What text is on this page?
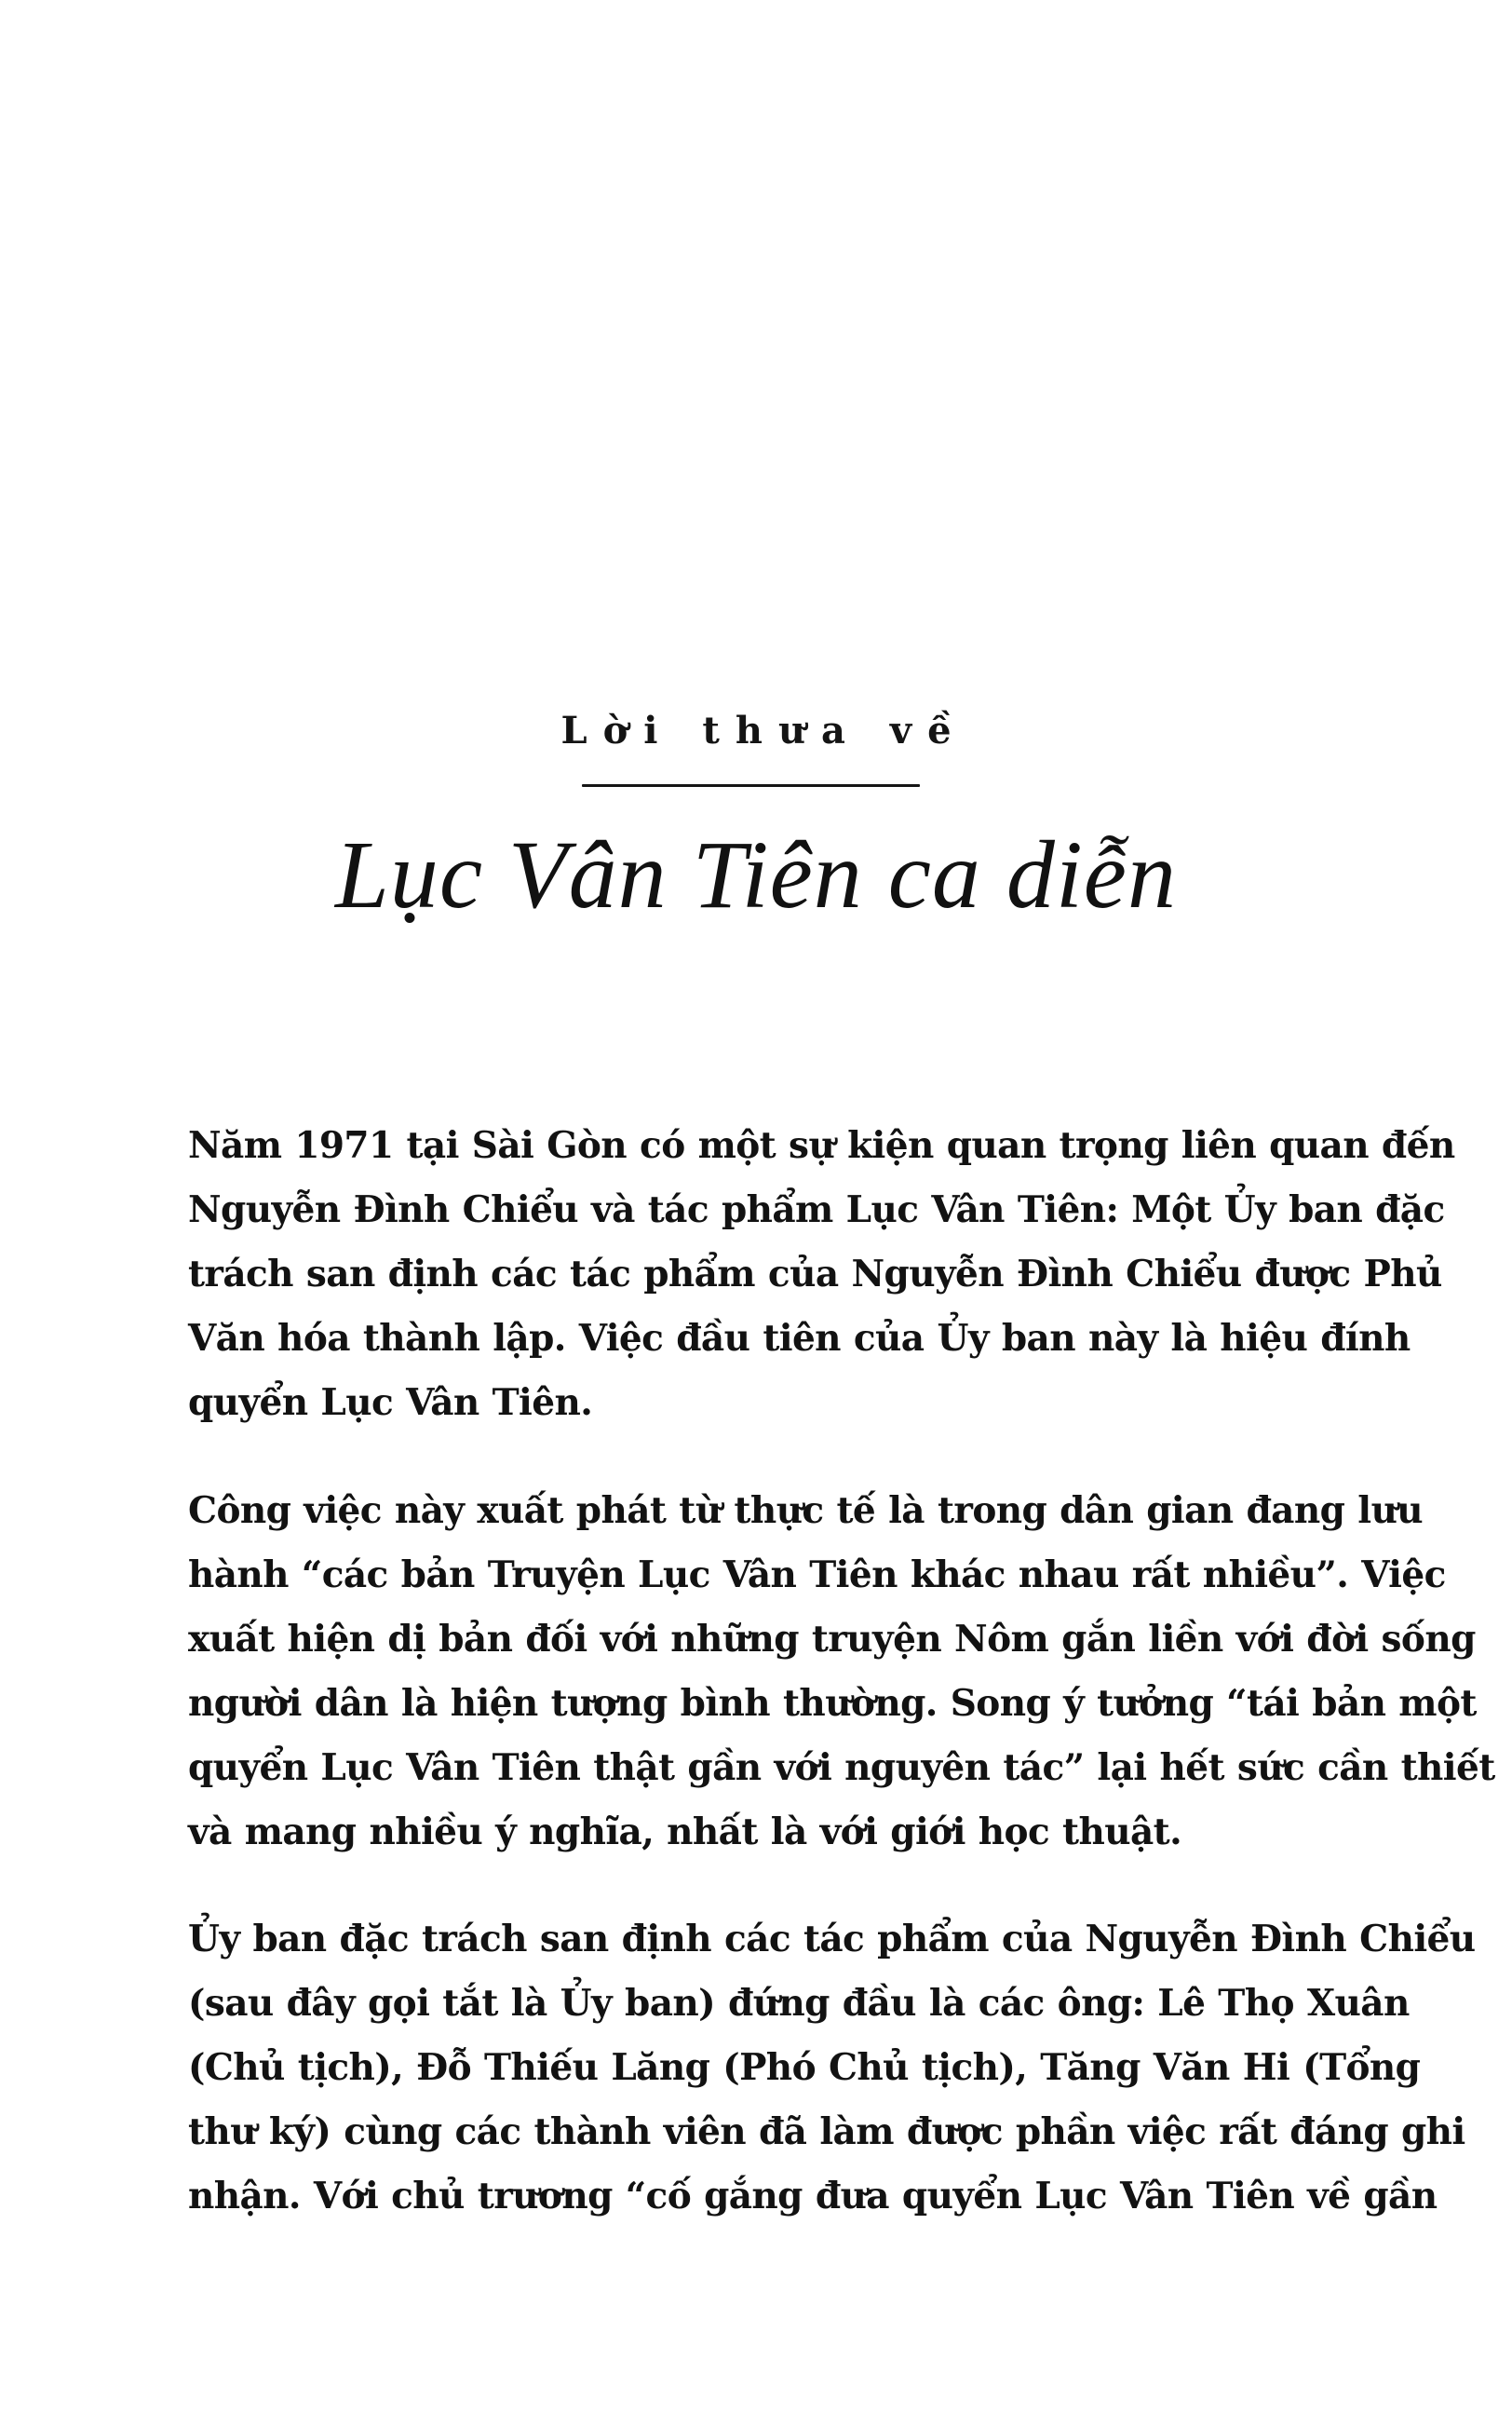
Lời thưa về
Lục Vân Tiên ca diễn
Năm 1971 tại Sài Gòn có một sự kiện quan trọng liên quan đến
Nguyễn Đình Chiểu và tác phẩm Lục Vân Tiên: Một Ủy ban đặc
trách san định các tác phẩm của Nguyễn Đình Chiểu được Phủ
Văn hóa thành lập. Việc đầu tiên của Ủy ban này là hiệu đính
quyển Lục Vân Tiên.
Công việc này xuất phát từ thực tế là trong dân gian đang lưu
hành “các bản Truyện Lục Vân Tiên khác nhau rất nhiều”. Việc
xuất hiện dị bản đối với những truyện Nôm gắn liền với đời sống
người dân là hiện tượng bình thường. Song ý tưởng “tái bản một
quyển Lục Vân Tiên thật gần với nguyên tác” lại hết sức cần thiết
và mang nhiều ý nghĩa, nhất là với giới học thuật.
Ủy ban đặc trách san định các tác phẩm của Nguyễn Đình Chiểu
(sau đây gọi tắt là Ủy ban) đứng đầu là các ông: Lê Thọ Xuân
(Chủ tịch), Đỗ Thiếu Lăng (Phó Chủ tịch), Tăng Văn Hi (Tổng
thư ký) cùng các thành viên đã làm được phần việc rất đáng ghi
nhận. Với chủ trương “cố gắng đưa quyển Lục Vân Tiên về gần
